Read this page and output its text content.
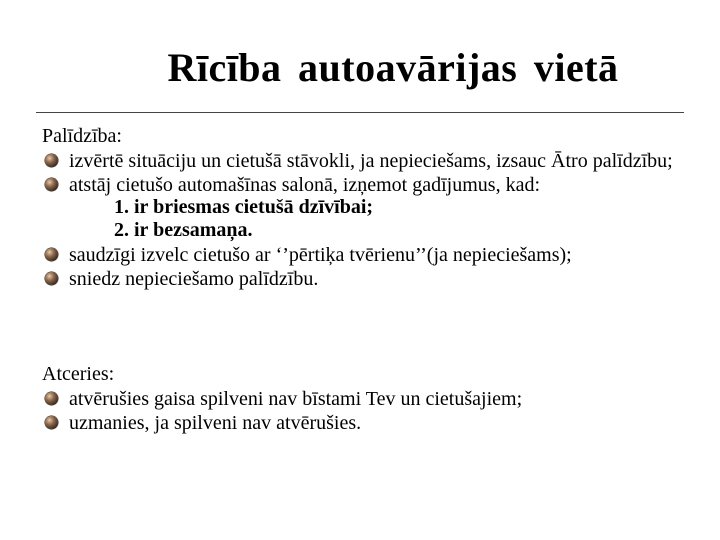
Rīcība autoavārijas vietā
Palīdzība:
izvērtē situāciju un cietušā stāvokli, ja nepieciešams, izsauc Ātro palīdzību;
atstāj cietušo automašīnas salonā, izņemot gadījumus, kad:
1. ir briesmas cietušā dzīvībai;
2. ir bezsamaņa.
saudzīgi izvelc cietušo ar ‘’pērtiķa tvērienu’’(ja nepieciešams);
sniedz nepieciešamo palīdzību.
Atceries:
atvērušies gaisa spilveni nav bīstami Tev un cietušajiem;
uzmanies, ja spilveni nav atvērušies.
